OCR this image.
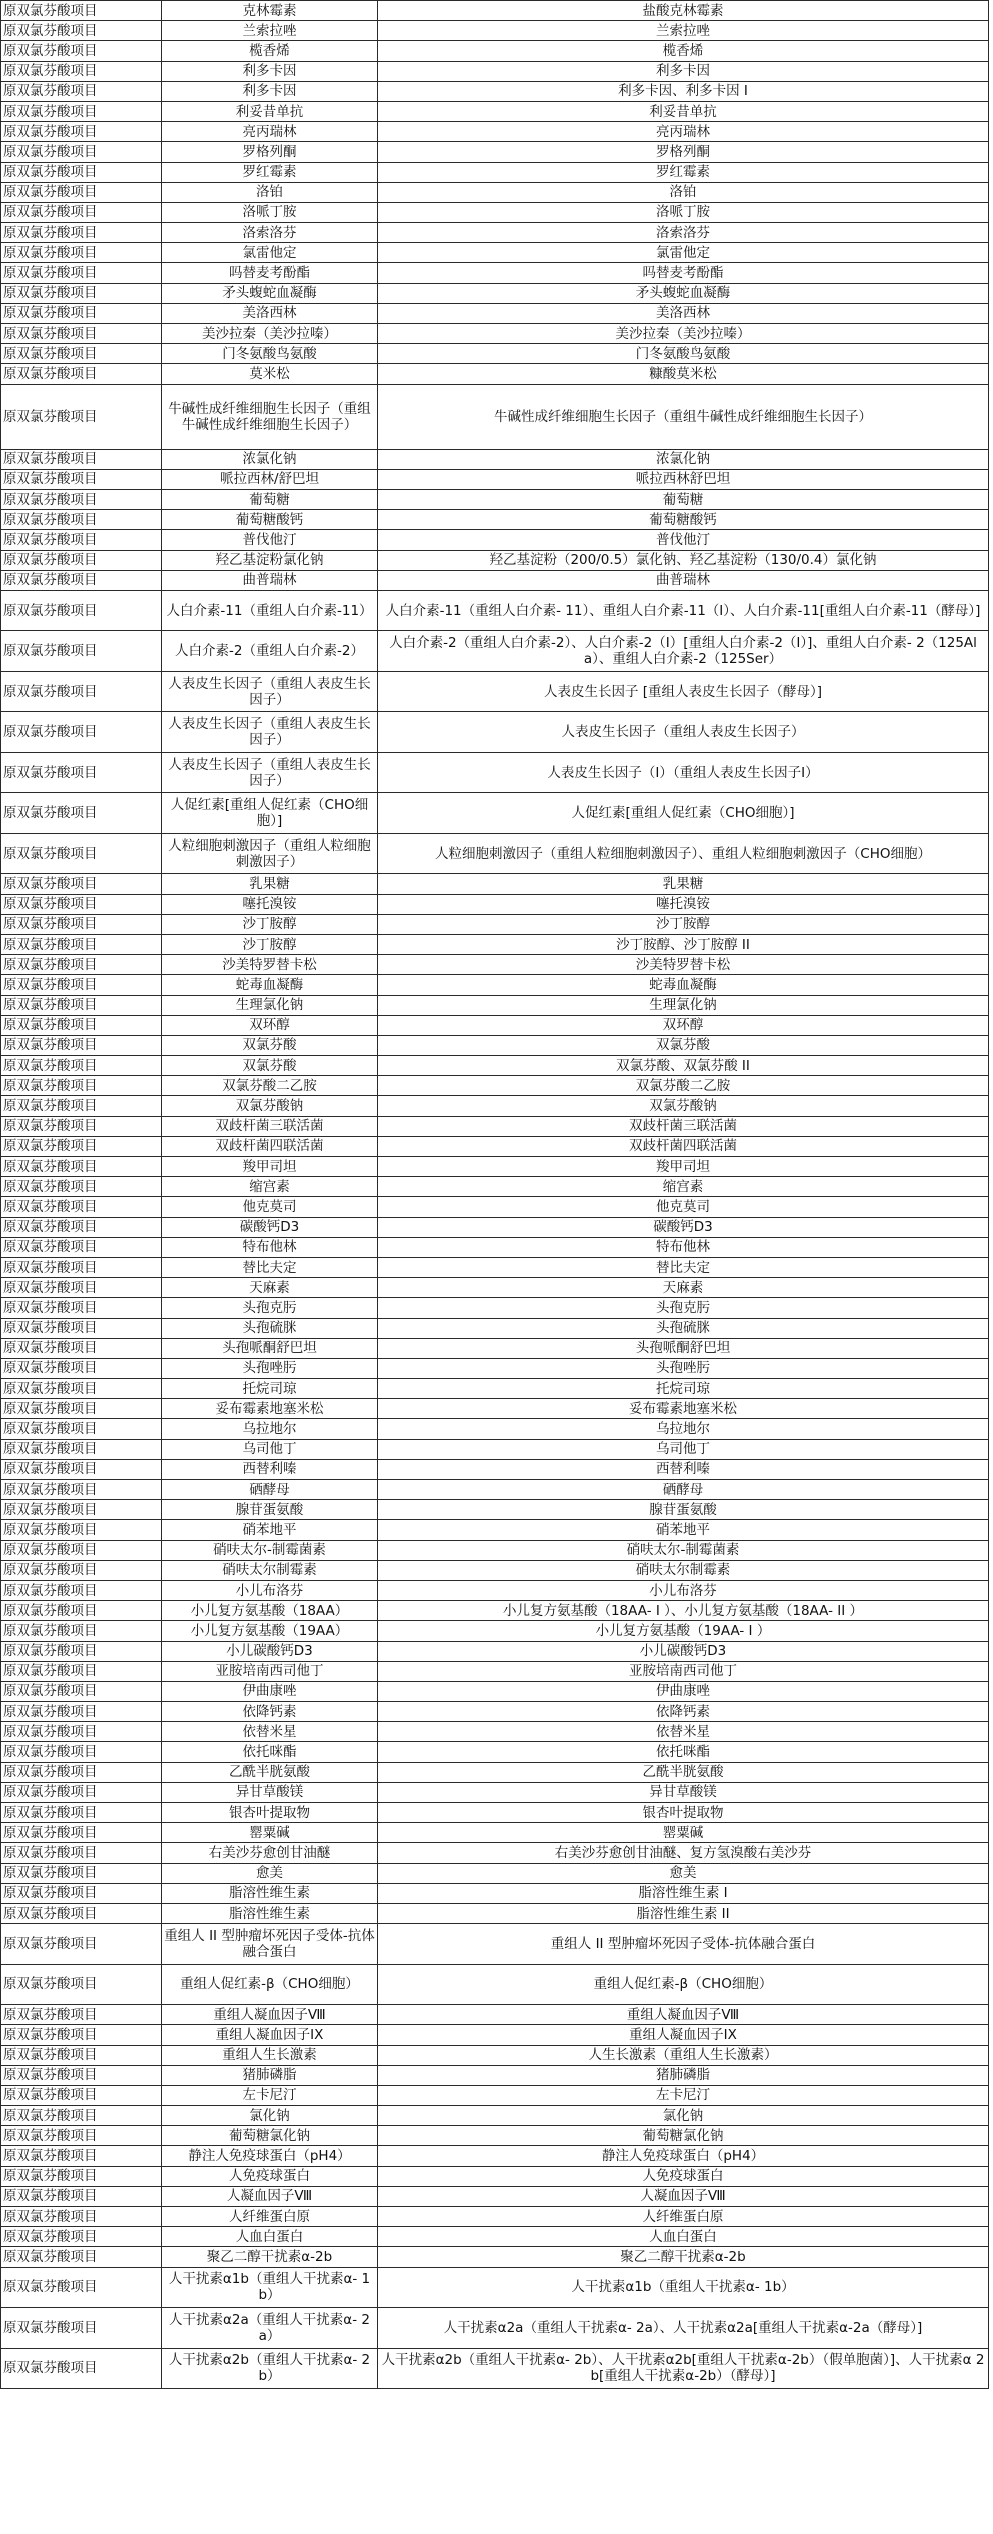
原双氯芬酸项目	克林霉素	盐酸克林霉素
原双氯芬酸项目	兰索拉唑	兰索拉唑
原双氯芬酸项目	榄香烯	榄香烯
原双氯芬酸项目	利多卡因	利多卡因
原双氯芬酸项目	利多卡因	利多卡因、利多卡因 I
原双氯芬酸项目	利妥昔单抗	利妥昔单抗
原双氯芬酸项目	亮丙瑞林	亮丙瑞林
原双氯芬酸项目	罗格列酮	罗格列酮
原双氯芬酸项目	罗红霉素	罗红霉素
原双氯芬酸项目	洛铂	洛铂
原双氯芬酸项目	洛哌丁胺	洛哌丁胺
原双氯芬酸项目	洛索洛芬	洛索洛芬
原双氯芬酸项目	氯雷他定	氯雷他定
原双氯芬酸项目	吗替麦考酚酯	吗替麦考酚酯
原双氯芬酸项目	矛头蝮蛇血凝酶	矛头蝮蛇血凝酶
原双氯芬酸项目	美洛西林	美洛西林
原双氯芬酸项目	美沙拉秦（美沙拉嗪）	美沙拉秦（美沙拉嗪）
原双氯芬酸项目	门冬氨酸鸟氨酸	门冬氨酸鸟氨酸
原双氯芬酸项目	莫米松	糠酸莫米松
原双氯芬酸项目	牛碱性成纤维细胞生长因子（重组牛碱性成纤维细胞生长因子）	牛碱性成纤维细胞生长因子（重组牛碱性成纤维细胞生长因子）
原双氯芬酸项目	浓氯化钠	浓氯化钠
原双氯芬酸项目	哌拉西林/舒巴坦	哌拉西林舒巴坦
原双氯芬酸项目	葡萄糖	葡萄糖
原双氯芬酸项目	葡萄糖酸钙	葡萄糖酸钙
原双氯芬酸项目	普伐他汀	普伐他汀
原双氯芬酸项目	羟乙基淀粉氯化钠	羟乙基淀粉（200/0.5）氯化钠、羟乙基淀粉（130/0.4）氯化钠
原双氯芬酸项目	曲普瑞林	曲普瑞林
原双氯芬酸项目	人白介素-11（重组人白介素-11）	人白介素-11（重组人白介素- 11）、重组人白介素-11（I）、人白介素-11[重组人白介素-11（酵母）]
原双氯芬酸项目	人白介素-2（重组人白介素-2）	人白介素-2（重组人白介素-2）、人白介素-2（I）[重组人白介素-2（I）]、重组人白介素- 2（125Ala）、重组人白介素-2（125Ser）
原双氯芬酸项目	人表皮生长因子（重组人表皮生长因子）	人表皮生长因子 [重组人表皮生长因子（酵母）]
原双氯芬酸项目	人表皮生长因子（重组人表皮生长因子）	人表皮生长因子（重组人表皮生长因子）
原双氯芬酸项目	人表皮生长因子（重组人表皮生长因子）	人表皮生长因子（I）（重组人表皮生长因子I）
原双氯芬酸项目	人促红素[重组人促红素（CHO细胞）]	人促红素[重组人促红素（CHO细胞）]
原双氯芬酸项目	人粒细胞刺激因子（重组人粒细胞刺激因子）	人粒细胞刺激因子（重组人粒细胞刺激因子）、重组人粒细胞刺激因子（CHO细胞）
原双氯芬酸项目	乳果糖	乳果糖
原双氯芬酸项目	噻托溴铵	噻托溴铵
原双氯芬酸项目	沙丁胺醇	沙丁胺醇
原双氯芬酸项目	沙丁胺醇	沙丁胺醇、沙丁胺醇 II
原双氯芬酸项目	沙美特罗替卡松	沙美特罗替卡松
原双氯芬酸项目	蛇毒血凝酶	蛇毒血凝酶
原双氯芬酸项目	生理氯化钠	生理氯化钠
原双氯芬酸项目	双环醇	双环醇
原双氯芬酸项目	双氯芬酸	双氯芬酸
原双氯芬酸项目	双氯芬酸	双氯芬酸、双氯芬酸 II
原双氯芬酸项目	双氯芬酸二乙胺	双氯芬酸二乙胺
原双氯芬酸项目	双氯芬酸钠	双氯芬酸钠
原双氯芬酸项目	双歧杆菌三联活菌	双歧杆菌三联活菌
原双氯芬酸项目	双歧杆菌四联活菌	双歧杆菌四联活菌
原双氯芬酸项目	羧甲司坦	羧甲司坦
原双氯芬酸项目	缩宫素	缩宫素
原双氯芬酸项目	他克莫司	他克莫司
原双氯芬酸项目	碳酸钙D3	碳酸钙D3
原双氯芬酸项目	特布他林	特布他林
原双氯芬酸项目	替比夫定	替比夫定
原双氯芬酸项目	天麻素	天麻素
原双氯芬酸项目	头孢克肟	头孢克肟
原双氯芬酸项目	头孢硫脒	头孢硫脒
原双氯芬酸项目	头孢哌酮舒巴坦	头孢哌酮舒巴坦
原双氯芬酸项目	头孢唑肟	头孢唑肟
原双氯芬酸项目	托烷司琼	托烷司琼
原双氯芬酸项目	妥布霉素地塞米松	妥布霉素地塞米松
原双氯芬酸项目	乌拉地尔	乌拉地尔
原双氯芬酸项目	乌司他丁	乌司他丁
原双氯芬酸项目	西替利嗪	西替利嗪
原双氯芬酸项目	硒酵母	硒酵母
原双氯芬酸项目	腺苷蛋氨酸	腺苷蛋氨酸
原双氯芬酸项目	硝苯地平	硝苯地平
原双氯芬酸项目	硝呋太尔-制霉菌素	硝呋太尔-制霉菌素
原双氯芬酸项目	硝呋太尔制霉素	硝呋太尔制霉素
原双氯芬酸项目	小儿布洛芬	小儿布洛芬
原双氯芬酸项目	小儿复方氨基酸（18AA）	小儿复方氨基酸（18AA- I ）、小儿复方氨基酸（18AA- II ）
原双氯芬酸项目	小儿复方氨基酸（19AA）	小儿复方氨基酸（19AA- I ）
原双氯芬酸项目	小儿碳酸钙D3	小儿碳酸钙D3
原双氯芬酸项目	亚胺培南西司他丁	亚胺培南西司他丁
原双氯芬酸项目	伊曲康唑	伊曲康唑
原双氯芬酸项目	依降钙素	依降钙素
原双氯芬酸项目	依替米星	依替米星
原双氯芬酸项目	依托咪酯	依托咪酯
原双氯芬酸项目	乙酰半胱氨酸	乙酰半胱氨酸
原双氯芬酸项目	异甘草酸镁	异甘草酸镁
原双氯芬酸项目	银杏叶提取物	银杏叶提取物
原双氯芬酸项目	罂粟碱	罂粟碱
原双氯芬酸项目	右美沙芬愈创甘油醚	右美沙芬愈创甘油醚、复方氢溴酸右美沙芬
原双氯芬酸项目	愈美	愈美
原双氯芬酸项目	脂溶性维生素	脂溶性维生素 I
原双氯芬酸项目	脂溶性维生素	脂溶性维生素 II
原双氯芬酸项目	重组人 II 型肿瘤坏死因子受体-抗体融合蛋白	重组人 II 型肿瘤坏死因子受体-抗体融合蛋白
原双氯芬酸项目	重组人促红素-β（CHO细胞）	重组人促红素-β（CHO细胞）
原双氯芬酸项目	重组人凝血因子Ⅷ	重组人凝血因子Ⅷ
原双氯芬酸项目	重组人凝血因子IX	重组人凝血因子IX
原双氯芬酸项目	重组人生长激素	人生长激素（重组人生长激素）
原双氯芬酸项目	猪肺磷脂	猪肺磷脂
原双氯芬酸项目	左卡尼汀	左卡尼汀
原双氯芬酸项目	氯化钠	氯化钠
原双氯芬酸项目	葡萄糖氯化钠	葡萄糖氯化钠
原双氯芬酸项目	静注人免疫球蛋白（pH4）	静注人免疫球蛋白（pH4）
原双氯芬酸项目	人免疫球蛋白	人免疫球蛋白
原双氯芬酸项目	人凝血因子Ⅷ	人凝血因子Ⅷ
原双氯芬酸项目	人纤维蛋白原	人纤维蛋白原
原双氯芬酸项目	人血白蛋白	人血白蛋白
原双氯芬酸项目	聚乙二醇干扰素α-2b	聚乙二醇干扰素α-2b
原双氯芬酸项目	人干扰素α1b（重组人干扰素α- 1b）	人干扰素α1b（重组人干扰素α- 1b）
原双氯芬酸项目	人干扰素α2a（重组人干扰素α- 2a）	人干扰素α2a（重组人干扰素α- 2a）、人干扰素α2a[重组人干扰素α-2a（酵母）]
原双氯芬酸项目	人干扰素α2b（重组人干扰素α- 2b）	人干扰素α2b（重组人干扰素α- 2b）、人干扰素α2b[重组人干扰素α-2b）（假单胞菌）]、人干扰素α 2b[重组人干扰素α-2b）（酵母）]
